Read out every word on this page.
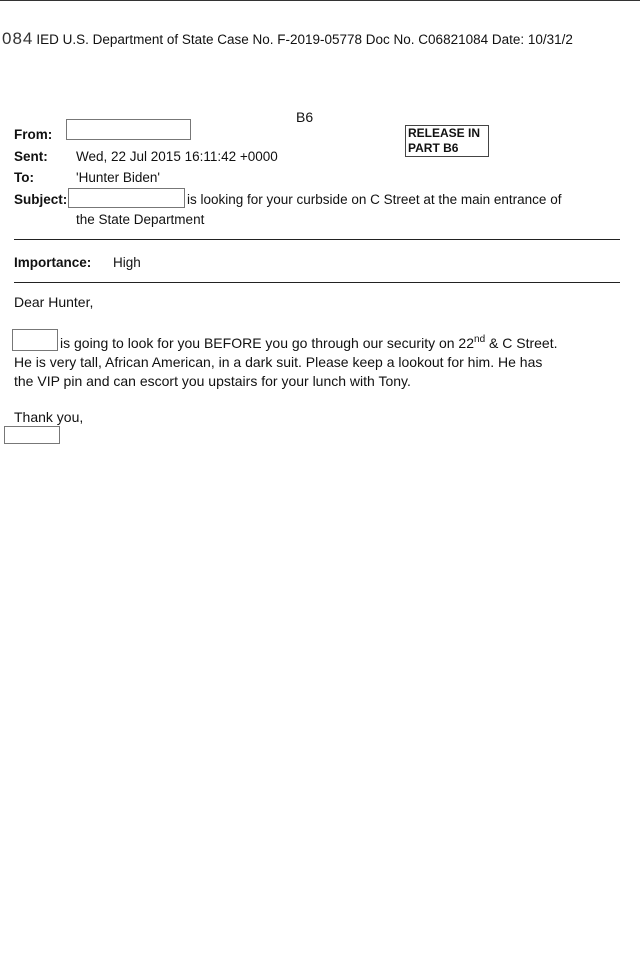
084 IED U.S. Department of State Case No. F-2019-05778 Doc No. C06821084 Date: 10/31/2
B6
RELEASE IN
PART B6
From:
Sent: Wed, 22 Jul 2015 16:11:42 +0000
To:	'Hunter Biden'
Subject:	is looking for your curbside on C Street at the main entrance of
the State Department
Importance: High
Dear Hunter,
is going to look for you BEFORE you go through our security on 22nd & C Street.
He is very tall, African American, in a dark suit. Please keep a lookout for him. He has
the VIP pin and can escort you upstairs for your lunch with Tony.
Thank you,
